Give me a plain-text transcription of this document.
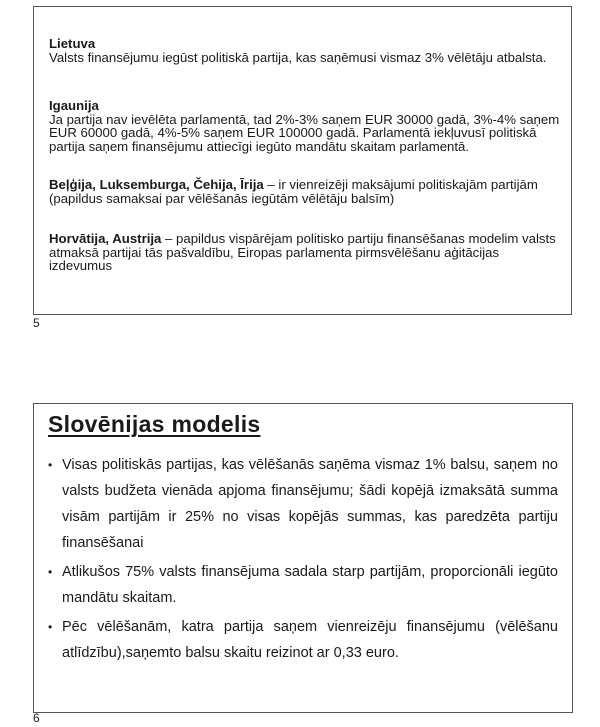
Lietuva

Valsts finansējumu iegūst politiskā partija, kas saņēmusi vismaz 3% vēlētāju atbalsta.
Igaunija
Ja partija nav ievēlēta parlamentā, tad 2%-3% saņem EUR 30000 gadā, 3%-4% saņem EUR 60000 gadā, 4%-5% saņem EUR 100000 gadā. Parlamentā iekļuvusī politiskā partija saņem finansējumu attiecīgi iegūto mandātu skaitam parlamentā.
Beļģija, Luksemburga, Čehija, Īrija – ir vienreizēji maksājumi politiskajām partijām (papildus samaksai par vēlēšanās iegūtām vēlētāju balsīm)
Horvātija, Austrija – papildus vispārējam politisko partiju finansēšanas modelim valsts atmaksā partijai tās pašvaldību, Eiropas parlamenta pirmsvēlēšanu aģitācijas izdevumus
5
Slovēnijas modelis
• Visas politiskās partijas, kas vēlēšanās saņēma vismaz 1% balsu, saņem no valsts budžeta vienāda apjoma finansējumu; šādi kopējā izmaksātā summa visām partijām ir 25% no visas kopējās summas, kas paredzēta partiju finansēšanai
• Atlikušos 75% valsts finansējuma sadala starp partijām, proporcionāli iegūto mandātu skaitam.
• Pēc vēlēšanām, katra partija saņem vienreizēju finansējumu (vēlēšanu atlīdzību),saņemto balsu skaitu reizinot ar 0,33 euro.
6
